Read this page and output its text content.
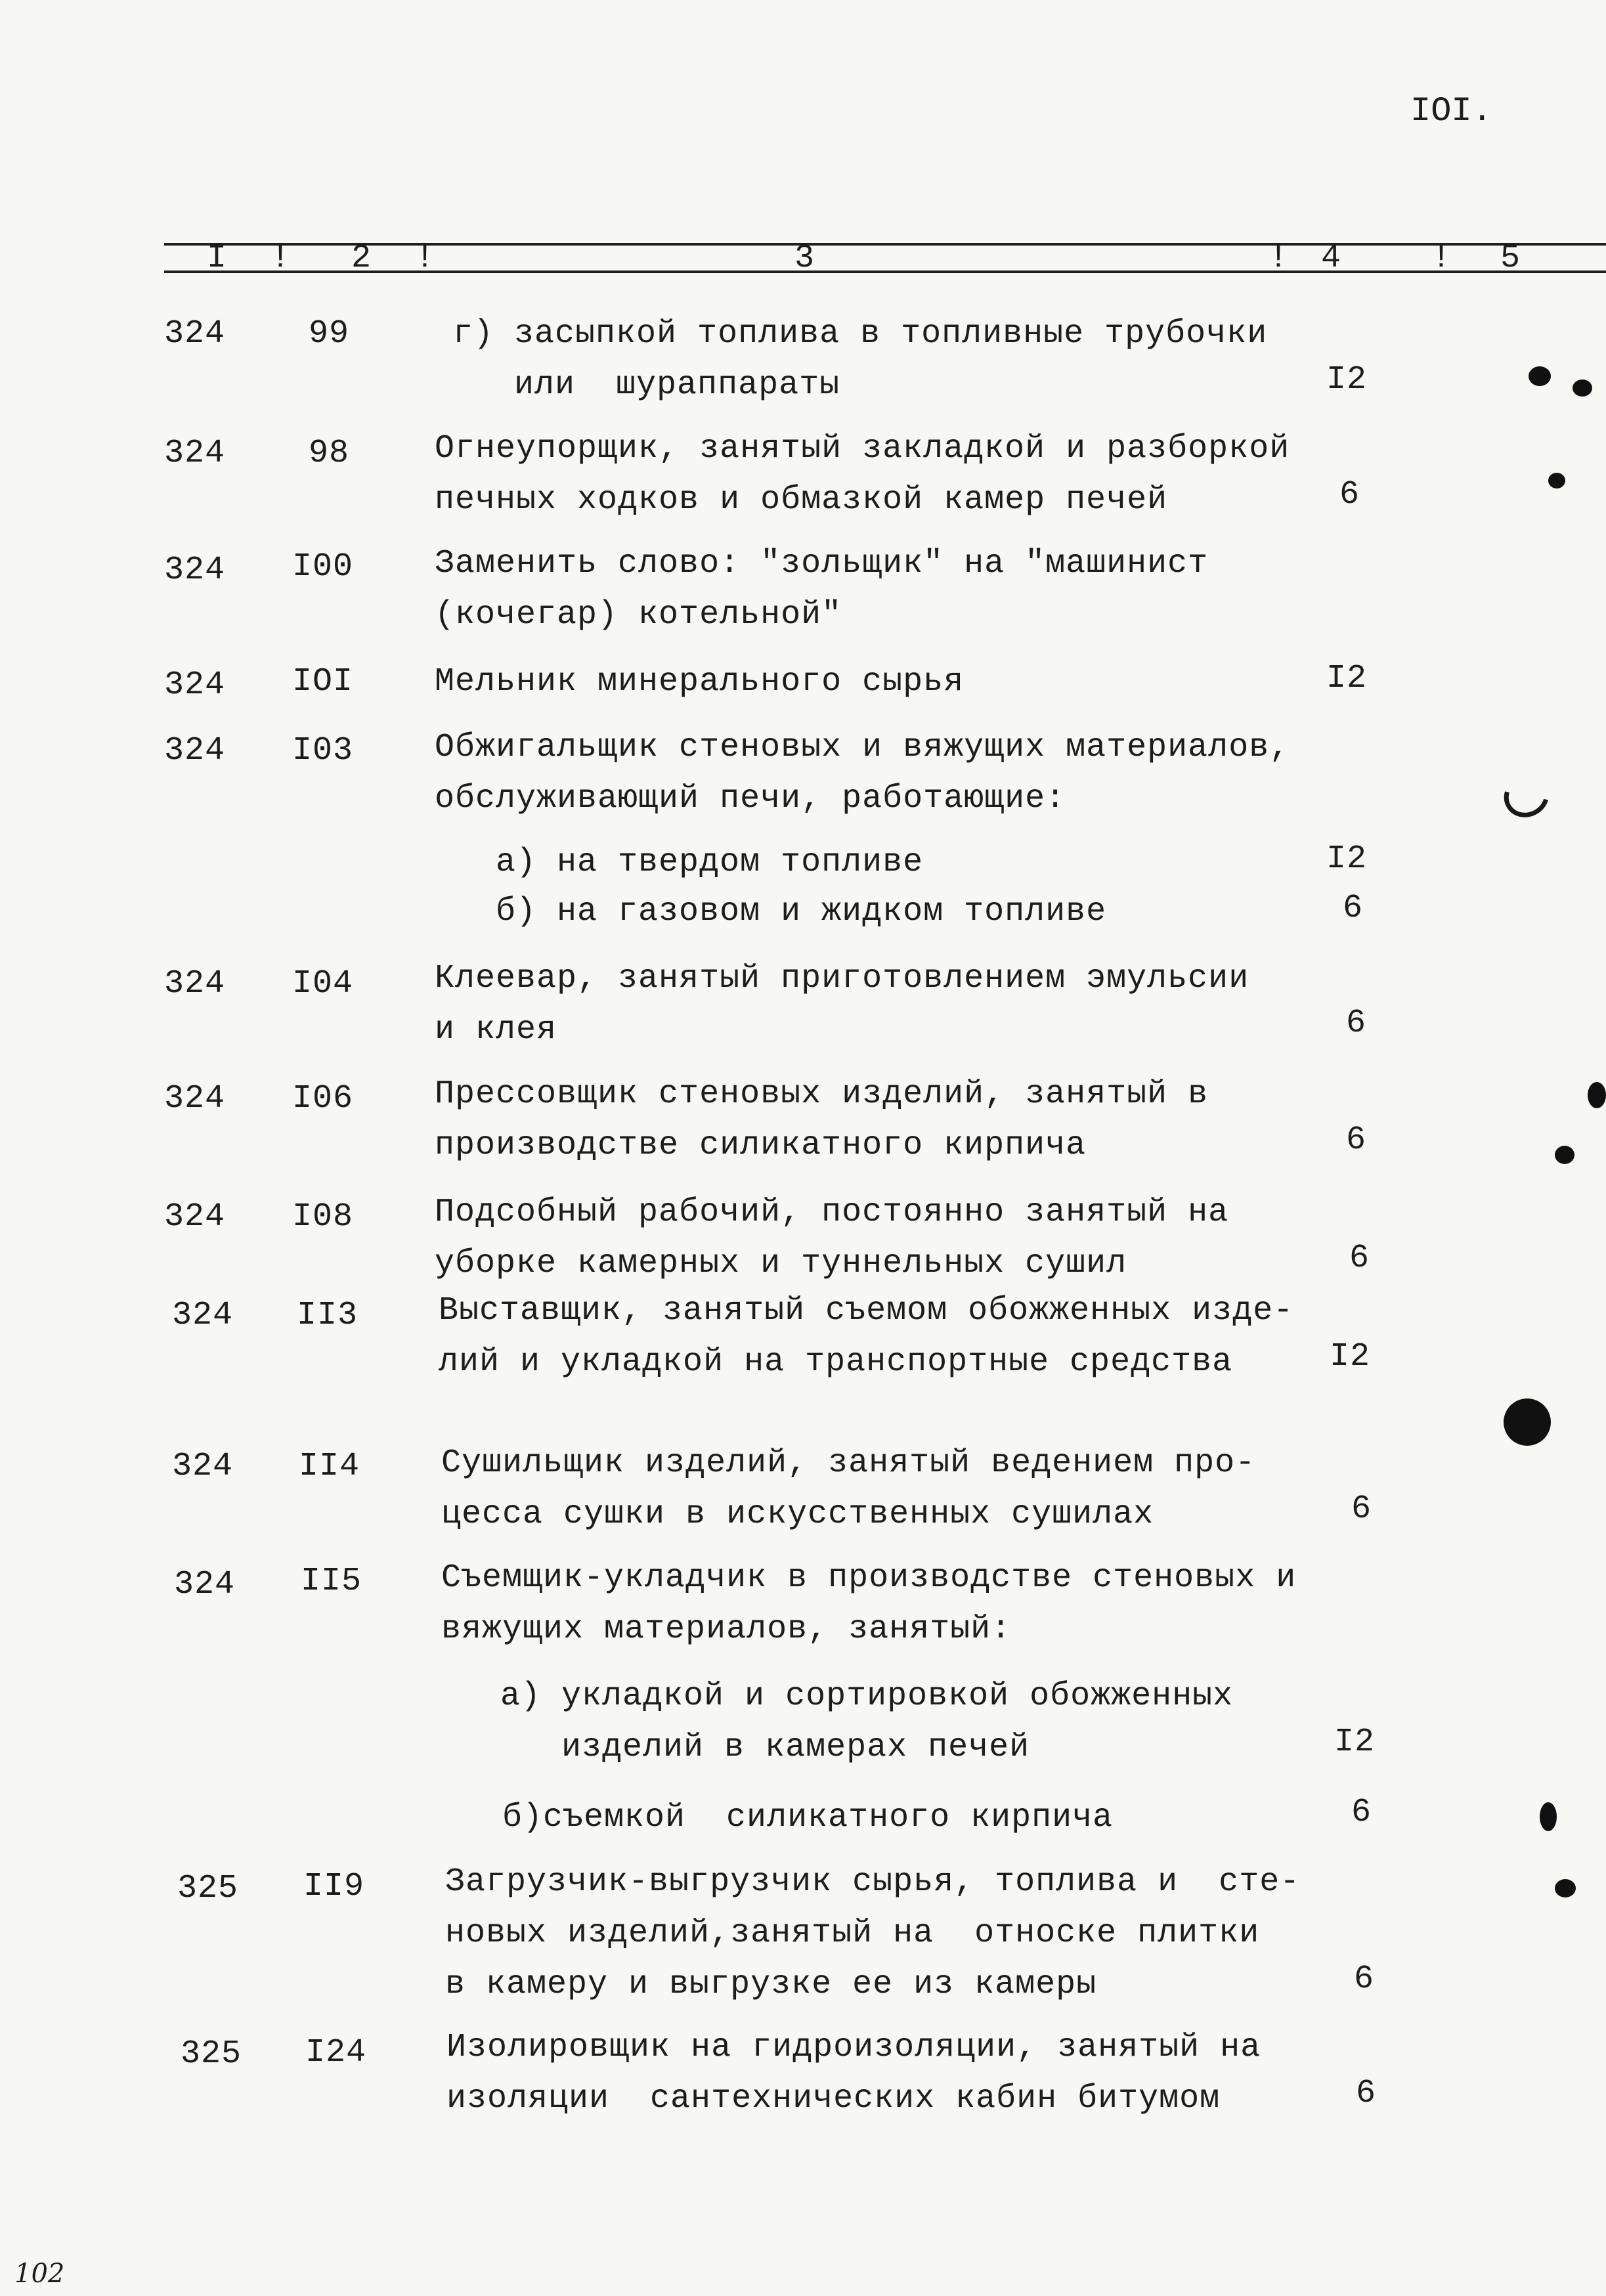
IOI.
I ! 2 !	3	! 4	! 5
324	99	г) засыпкой топлива в топливные трубочки
или  шураппараты	I2
324	98	Огнеупорщик, занятый закладкой и разборкой
печных ходков и обмазкой камер печей	6
324 I00 Заменить слово: "зольщик" на "машинист
(кочегар) котельной"
324 IOI Мельник минерального сырья	I2
324 I03 Обжигальщик стеновых и вяжущих материалов,
обслуживающий печи, работающие:
а) на твердом топливе	I2
б) на газовом и жидком топливе	6
324 I04 Клеевар, занятый приготовлением эмульсии
и клея	6
324 I06 Прессовщик стеновых изделий, занятый в
производстве силикатного кирпича	6
324 I08 Подсобный рабочий, постоянно занятый на
уборке камерных и туннельных сушил	6
324 II3 Выставщик, занятый съемом обожженных изде-
лий и укладкой на транспортные средства	I2
324 II4 Сушильщик изделий, занятый ведением про-
цесса сушки в искусственных сушилах	6
324 II5 Съемщик-укладчик в производстве стеновых и
вяжущих материалов, занятый:
а) укладкой и сортировкой обожженных
изделий в камерах печей	I2
б)съемкой  силикатного кирпича	6
325 II9 Загрузчик-выгрузчик сырья, топлива и  сте-
новых изделий,занятый на  относке плитки
в камеру и выгрузке ее из камеры	6
325 I24 Изолировщик на гидроизоляции, занятый на
изоляции  сантехнических кабин битумом	6
102
